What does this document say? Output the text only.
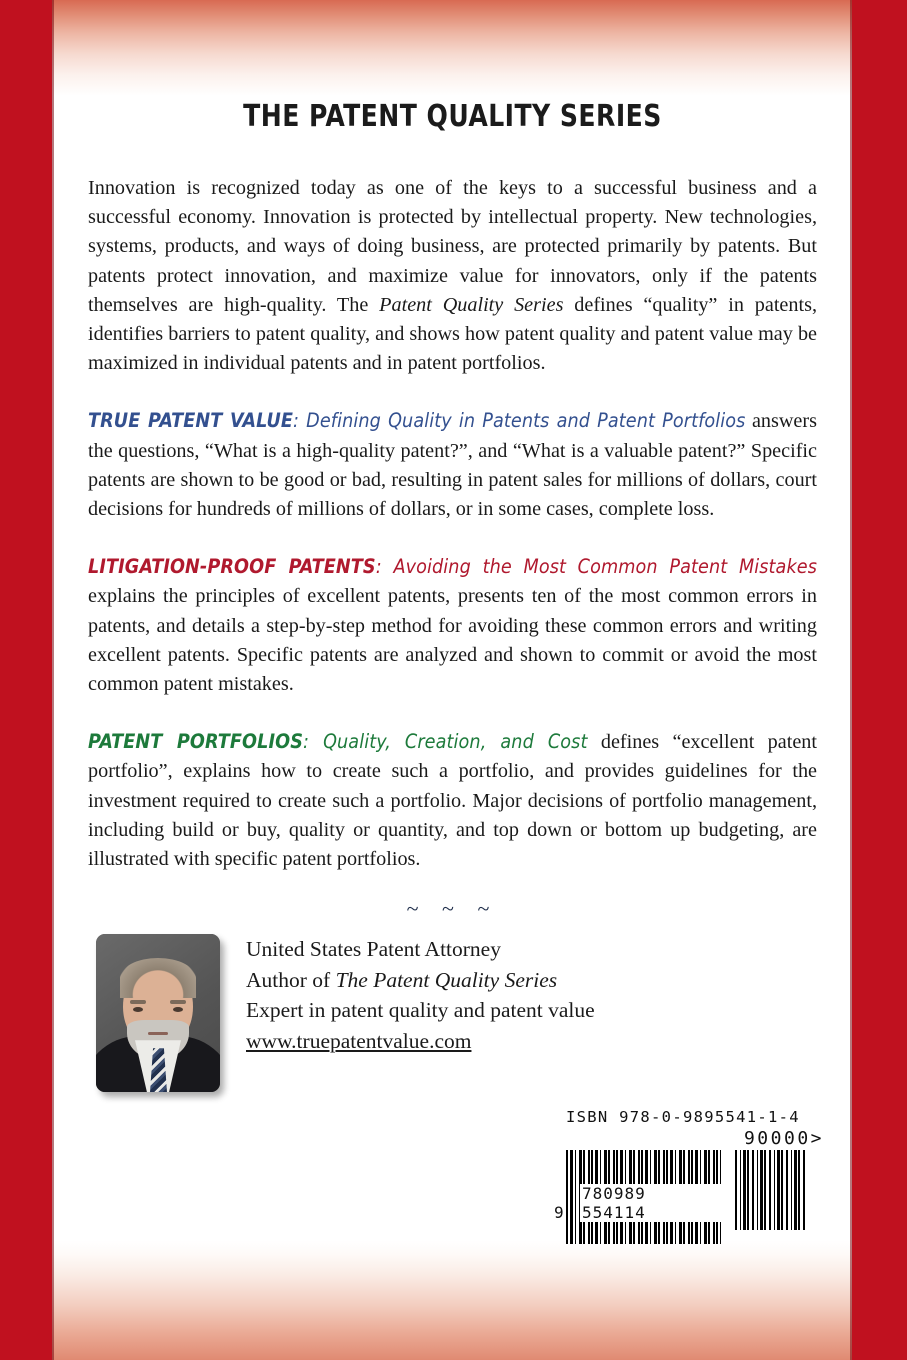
THE PATENT QUALITY SERIES

Innovation is recognized today as one of the keys to a successful business and a successful economy. Innovation is protected by intellectual property. New technologies, systems, products, and ways of doing business, are protected primarily by patents. But patents protect innovation, and maximize value for innovators, only if the patents themselves are high-quality. The Patent Quality Series defines “quality” in patents, identifies barriers to patent quality, and shows how patent quality and patent value may be maximized in individual patents and in patent portfolios.

TRUE PATENT VALUE: Defining Quality in Patents and Patent Portfolios answers the questions, “What is a high-quality patent?”, and “What is a valuable patent?” Specific patents are shown to be good or bad, resulting in patent sales for millions of dollars, court decisions for hundreds of millions of dollars, or in some cases, complete loss.

LITIGATION-PROOF PATENTS: Avoiding the Most Common Patent Mistakes explains the principles of excellent patents, presents ten of the most common errors in patents, and details a step-by-step method for avoiding these common errors and writing excellent patents. Specific patents are analyzed and shown to commit or avoid the most common patent mistakes.

PATENT PORTFOLIOS: Quality, Creation, and Cost defines “excellent patent portfolio”, explains how to create such a portfolio, and provides guidelines for the investment required to create such a portfolio. Major decisions of portfolio management, including build or buy, quality or quantity, and top down or bottom up budgeting, are illustrated with specific patent portfolios.

~ ~ ~

United States Patent Attorney
Author of The Patent Quality Series
Expert in patent quality and patent value
www.truepatentvalue.com
ISBN 978-0-9895541-1-4
90000>
9
780989 554114
